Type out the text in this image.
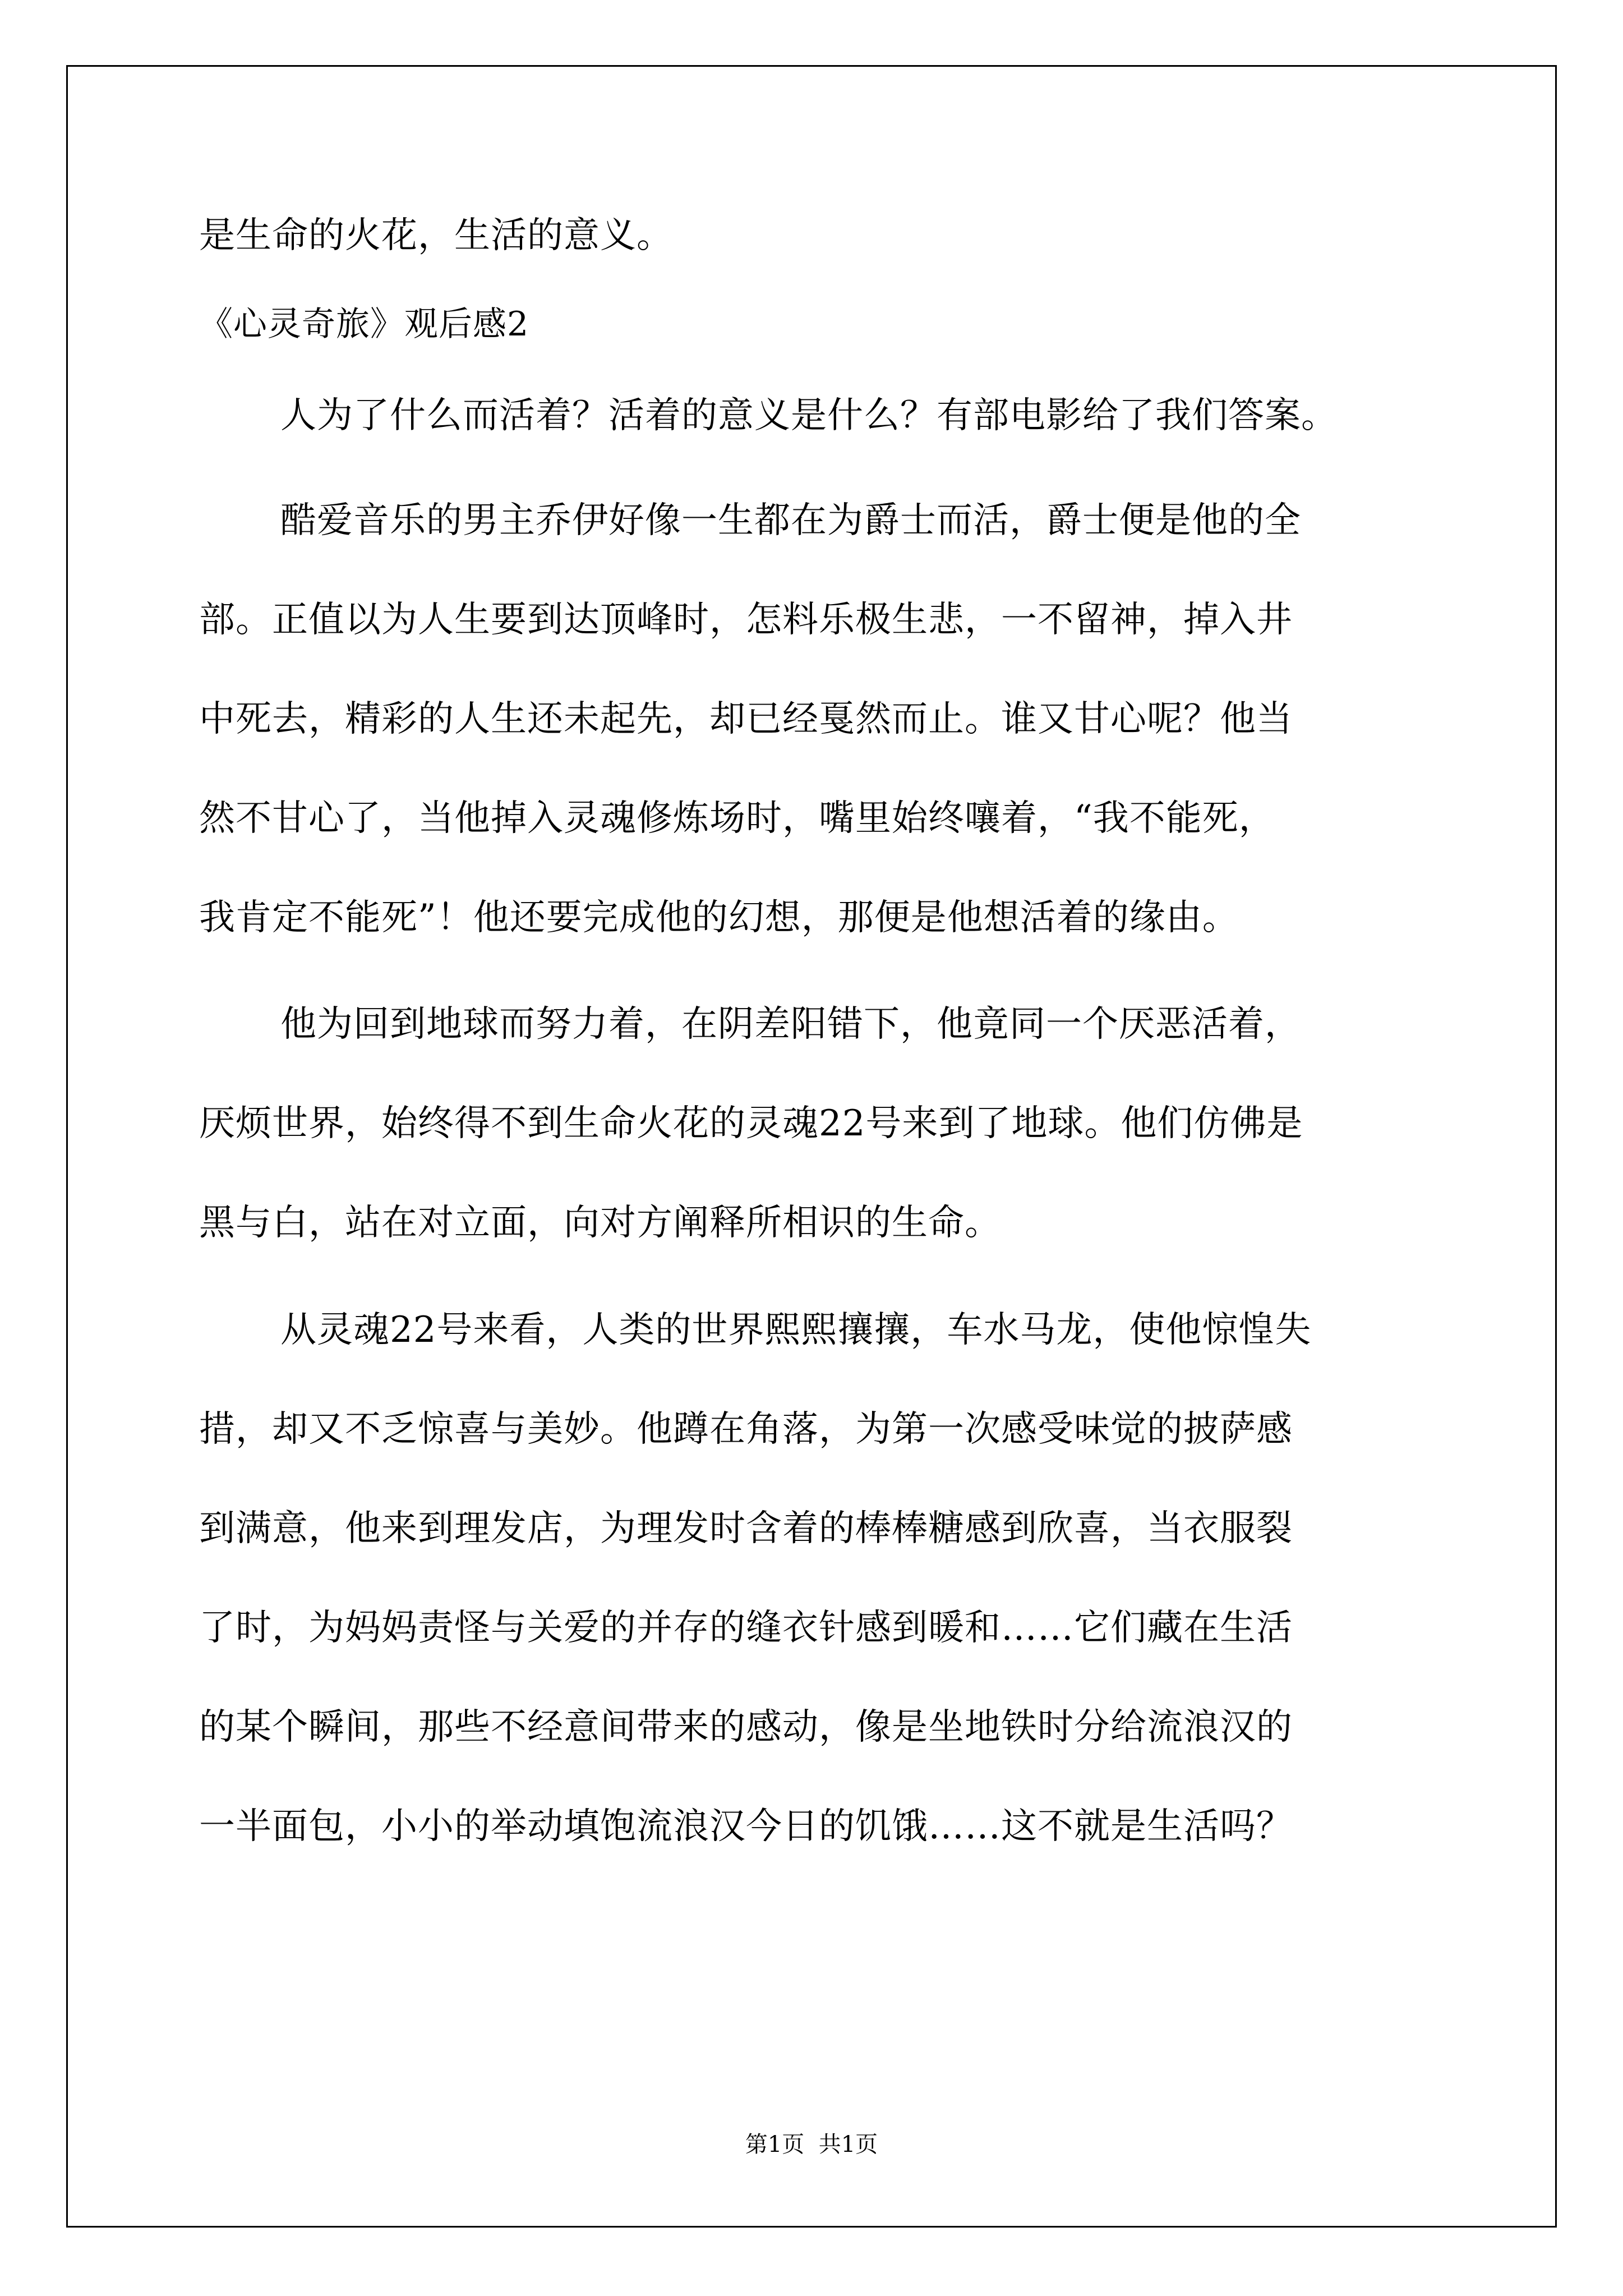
是生命的火花，生活的意义。
《心灵奇旅》观后感2
人为了什么而活着？活着的意义是什么？有部电影给了我们答案。
酷爱音乐的男主乔伊好像一生都在为爵士而活，爵士便是他的全
部。正值以为人生要到达顶峰时，怎料乐极生悲，一不留神，掉入井
中死去，精彩的人生还未起先，却已经戛然而止。谁又甘心呢？他当
然不甘心了，当他掉入灵魂修炼场时，嘴里始终嚷着，“我不能死，
我肯定不能死”！他还要完成他的幻想，那便是他想活着的缘由。
他为回到地球而努力着，在阴差阳错下，他竟同一个厌恶活着，
厌烦世界，始终得不到生命火花的灵魂22号来到了地球。他们仿佛是
黑与白，站在对立面，向对方阐释所相识的生命。
从灵魂22号来看，人类的世界熙熙攘攘，车水马龙，使他惊惶失
措，却又不乏惊喜与美妙。他蹲在角落，为第一次感受味觉的披萨感
到满意，他来到理发店，为理发时含着的棒棒糖感到欣喜，当衣服裂
了时，为妈妈责怪与关爱的并存的缝衣针感到暖和……它们藏在生活
的某个瞬间，那些不经意间带来的感动，像是坐地铁时分给流浪汉的
一半面包，小小的举动填饱流浪汉今日的饥饿……这不就是生活吗？
第1页  共1页
